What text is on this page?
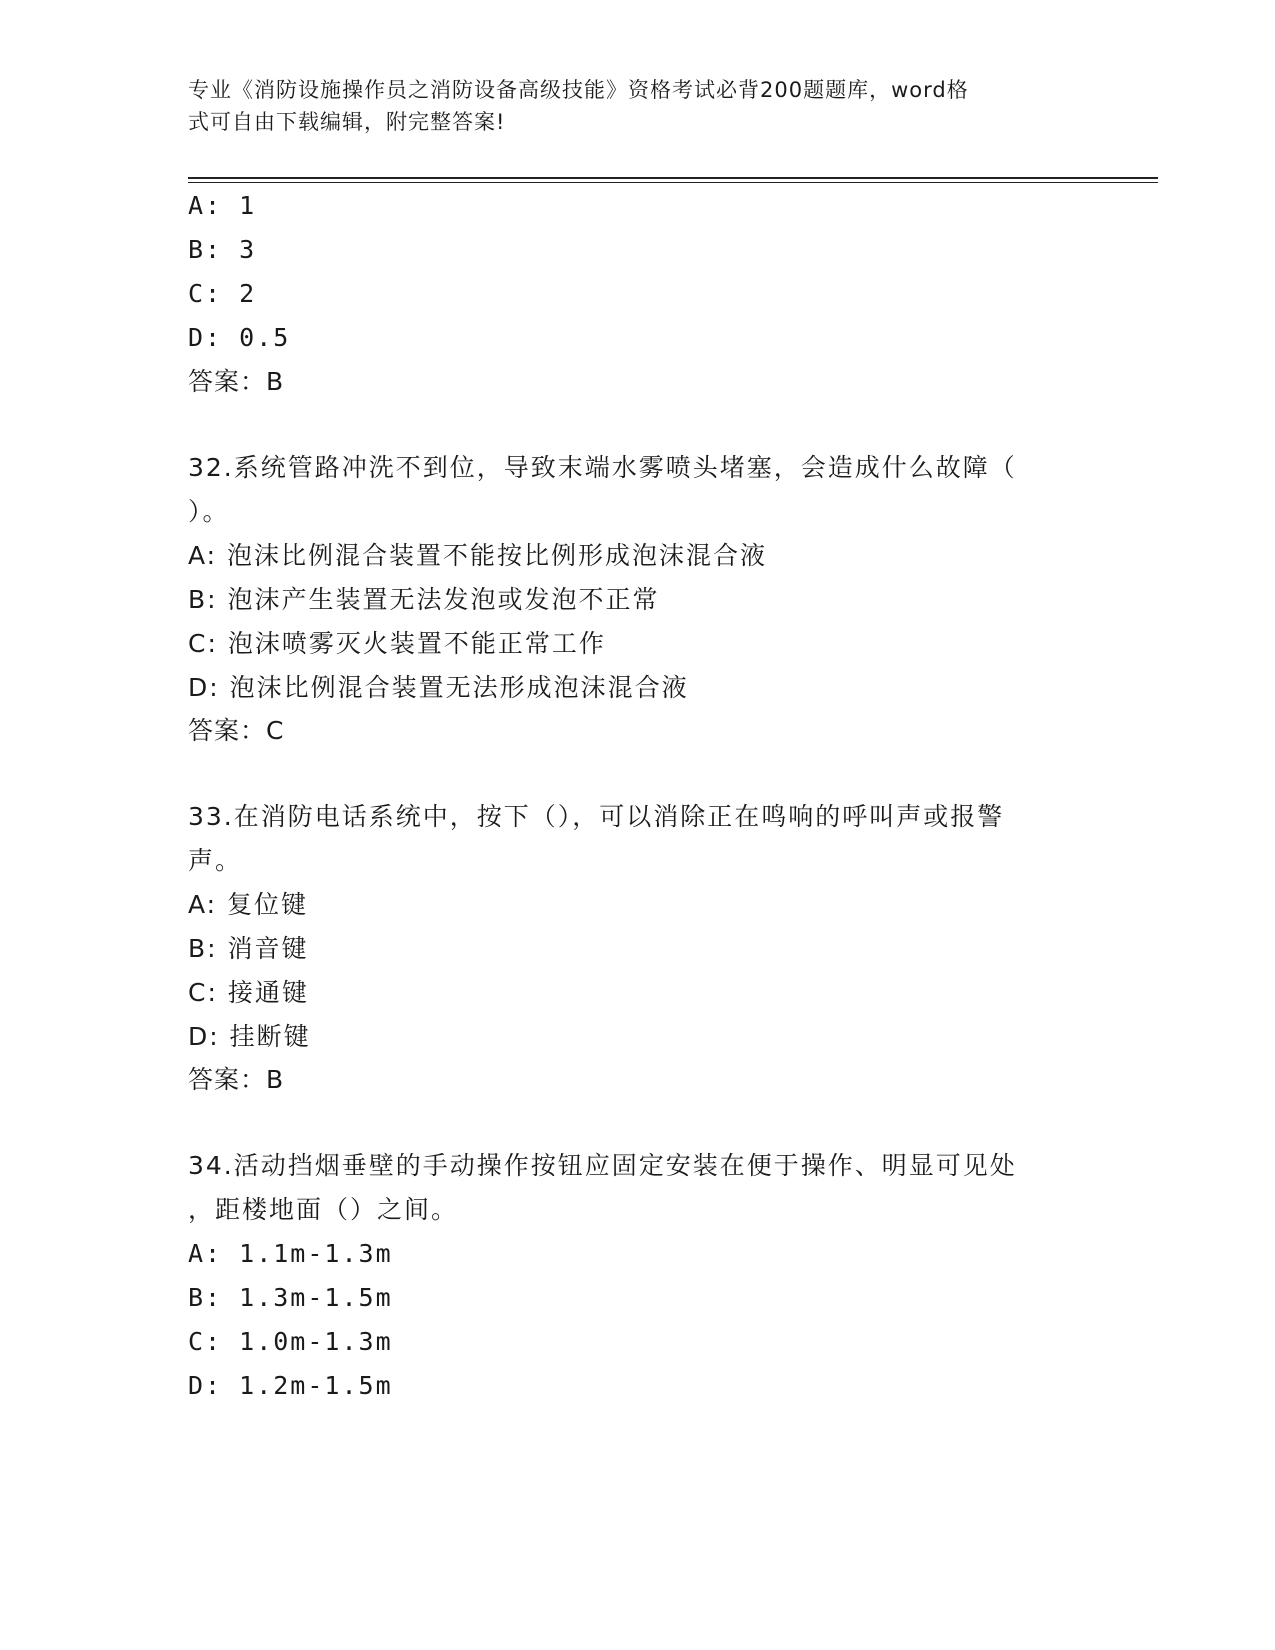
专业《消防设施操作员之消防设备高级技能》资格考试必背200题题库，word格
式可自由下载编辑，附完整答案!
A: 1
B: 3
C: 2
D: 0.5
答案：B
32.系统管路冲洗不到位，导致末端水雾喷头堵塞，会造成什么故障（
）。
A: 泡沫比例混合装置不能按比例形成泡沫混合液
B: 泡沫产生装置无法发泡或发泡不正常
C: 泡沫喷雾灭火装置不能正常工作
D: 泡沫比例混合装置无法形成泡沫混合液
答案：C
33.在消防电话系统中，按下（），可以消除正在鸣响的呼叫声或报警
声。
A: 复位键
B: 消音键
C: 接通键
D: 挂断键
答案：B
34.活动挡烟垂壁的手动操作按钮应固定安装在便于操作、明显可见处
，距楼地面（）之间。
A: 1.1m-1.3m
B: 1.3m-1.5m
C: 1.0m-1.3m
D: 1.2m-1.5m
